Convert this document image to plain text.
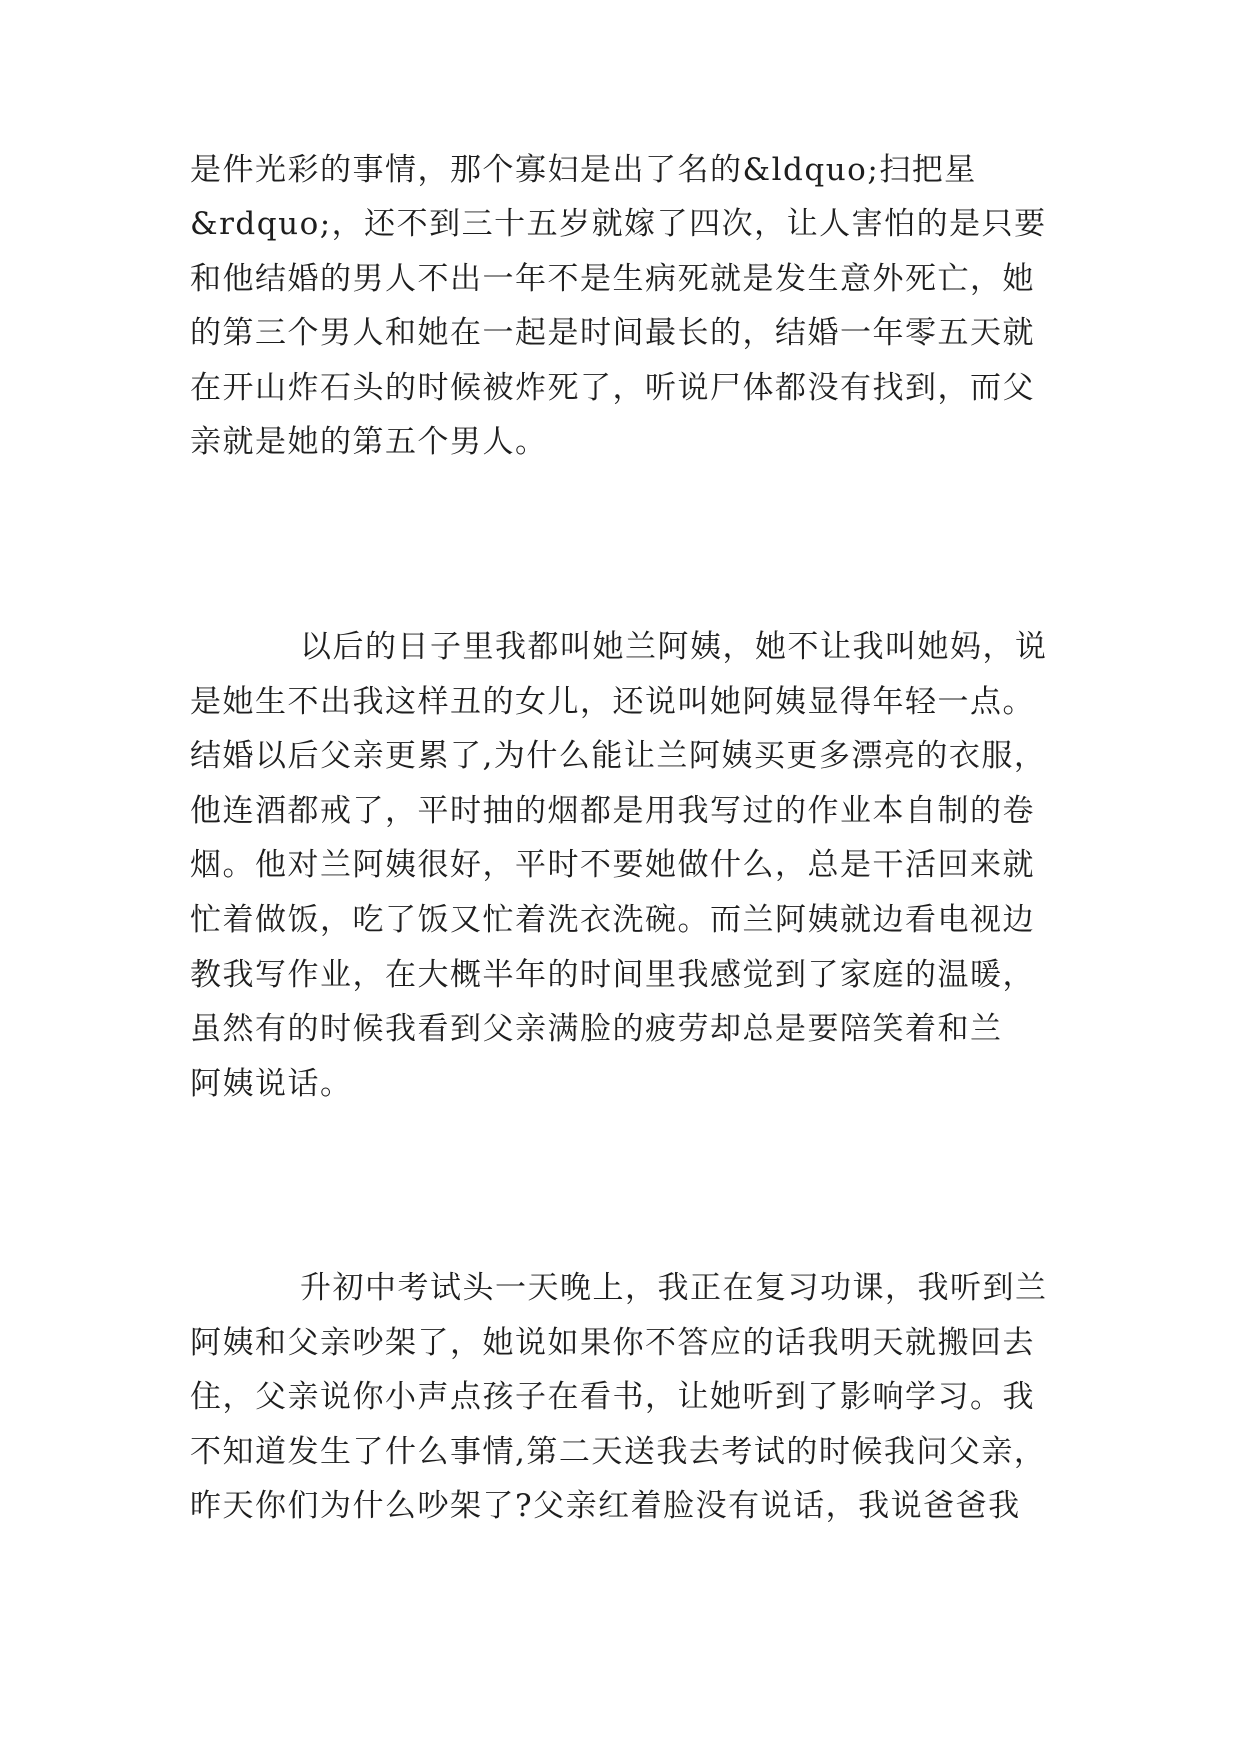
是件光彩的事情，那个寡妇是出了名的&ldquo;扫把星

&rdquo;，还不到三十五岁就嫁了四次，让人害怕的是只要

和他结婚的男人不出一年不是生病死就是发生意外死亡，她

的第三个男人和她在一起是时间最长的，结婚一年零五天就

在开山炸石头的时候被炸死了，听说尸体都没有找到，而父

亲就是她的第五个男人。

以后的日子里我都叫她兰阿姨，她不让我叫她妈，说

是她生不出我这样丑的女儿，还说叫她阿姨显得年轻一点。

结婚以后父亲更累了,为什么能让兰阿姨买更多漂亮的衣服，

他连酒都戒了，平时抽的烟都是用我写过的作业本自制的卷

烟。他对兰阿姨很好，平时不要她做什么，总是干活回来就

忙着做饭，吃了饭又忙着洗衣洗碗。而兰阿姨就边看电视边

教我写作业，在大概半年的时间里我感觉到了家庭的温暖，

虽然有的时候我看到父亲满脸的疲劳却总是要陪笑着和兰

阿姨说话。

升初中考试头一天晚上，我正在复习功课，我听到兰

阿姨和父亲吵架了，她说如果你不答应的话我明天就搬回去

住，父亲说你小声点孩子在看书，让她听到了影响学习。我

不知道发生了什么事情,第二天送我去考试的时候我问父亲，

昨天你们为什么吵架了?父亲红着脸没有说话，我说爸爸我
